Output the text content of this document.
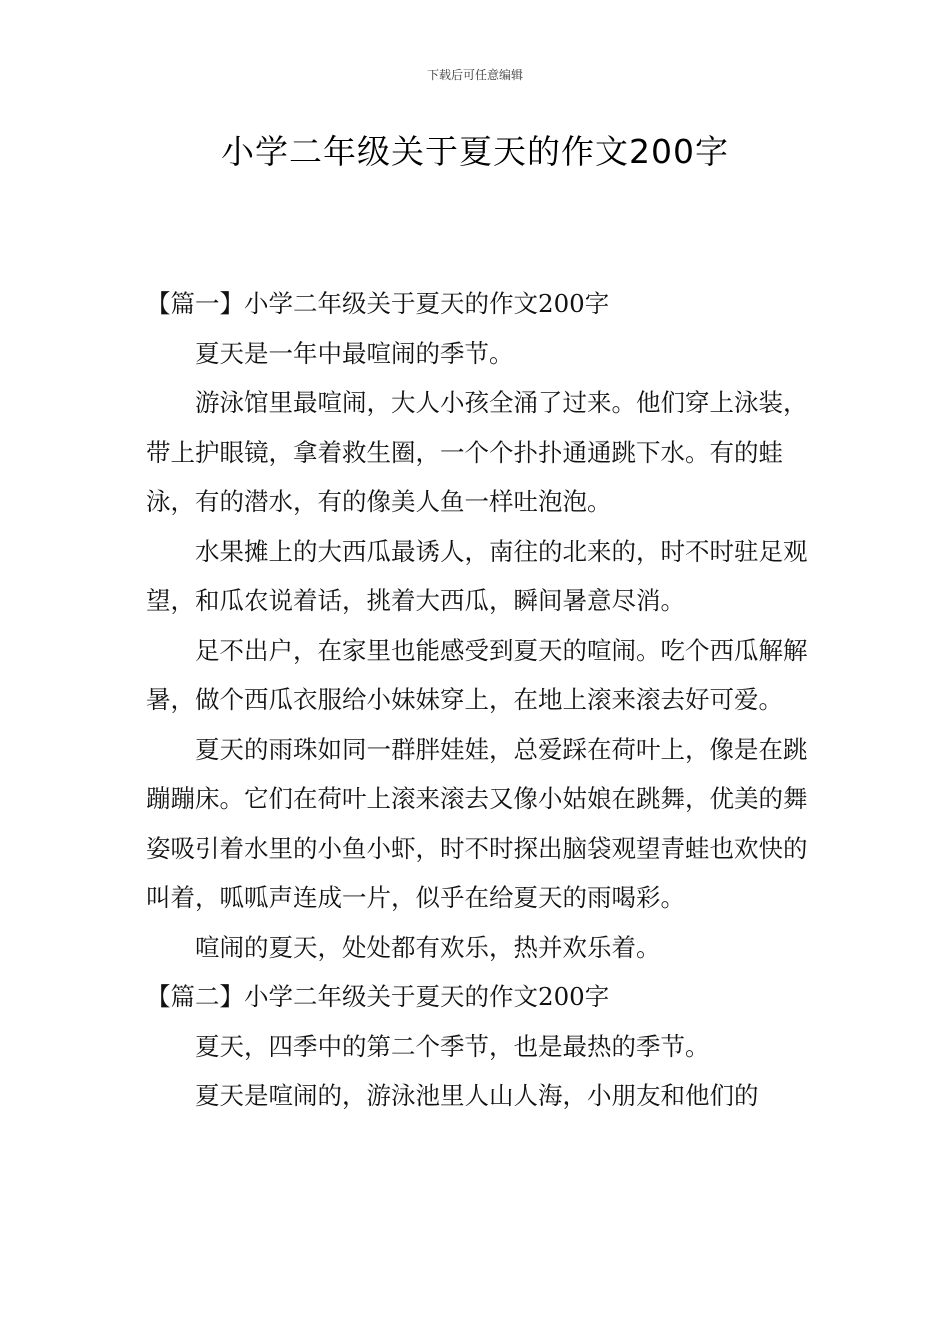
下载后可任意编辑
小学二年级关于夏天的作文200字

【篇一】小学二年级关于夏天的作文200字

夏天是一年中最喧闹的季节。

游泳馆里最喧闹，大人小孩全涌了过来。他们穿上泳装，带上护眼镜，拿着救生圈，一个个扑扑通通跳下水。有的蛙泳，有的潜水，有的像美人鱼一样吐泡泡。

水果摊上的大西瓜最诱人，南往的北来的，时不时驻足观望，和瓜农说着话，挑着大西瓜，瞬间暑意尽消。

足不出户，在家里也能感受到夏天的喧闹。吃个西瓜解解暑，做个西瓜衣服给小妹妹穿上，在地上滚来滚去好可爱。

夏天的雨珠如同一群胖娃娃，总爱踩在荷叶上，像是在跳蹦蹦床。它们在荷叶上滚来滚去又像小姑娘在跳舞，优美的舞姿吸引着水里的小鱼小虾，时不时探出脑袋观望青蛙也欢快的叫着，呱呱声连成一片，似乎在给夏天的雨喝彩。

喧闹的夏天，处处都有欢乐，热并欢乐着。

【篇二】小学二年级关于夏天的作文200字

夏天，四季中的第二个季节，也是最热的季节。

夏天是喧闹的，游泳池里人山人海，小朋友和他们的
